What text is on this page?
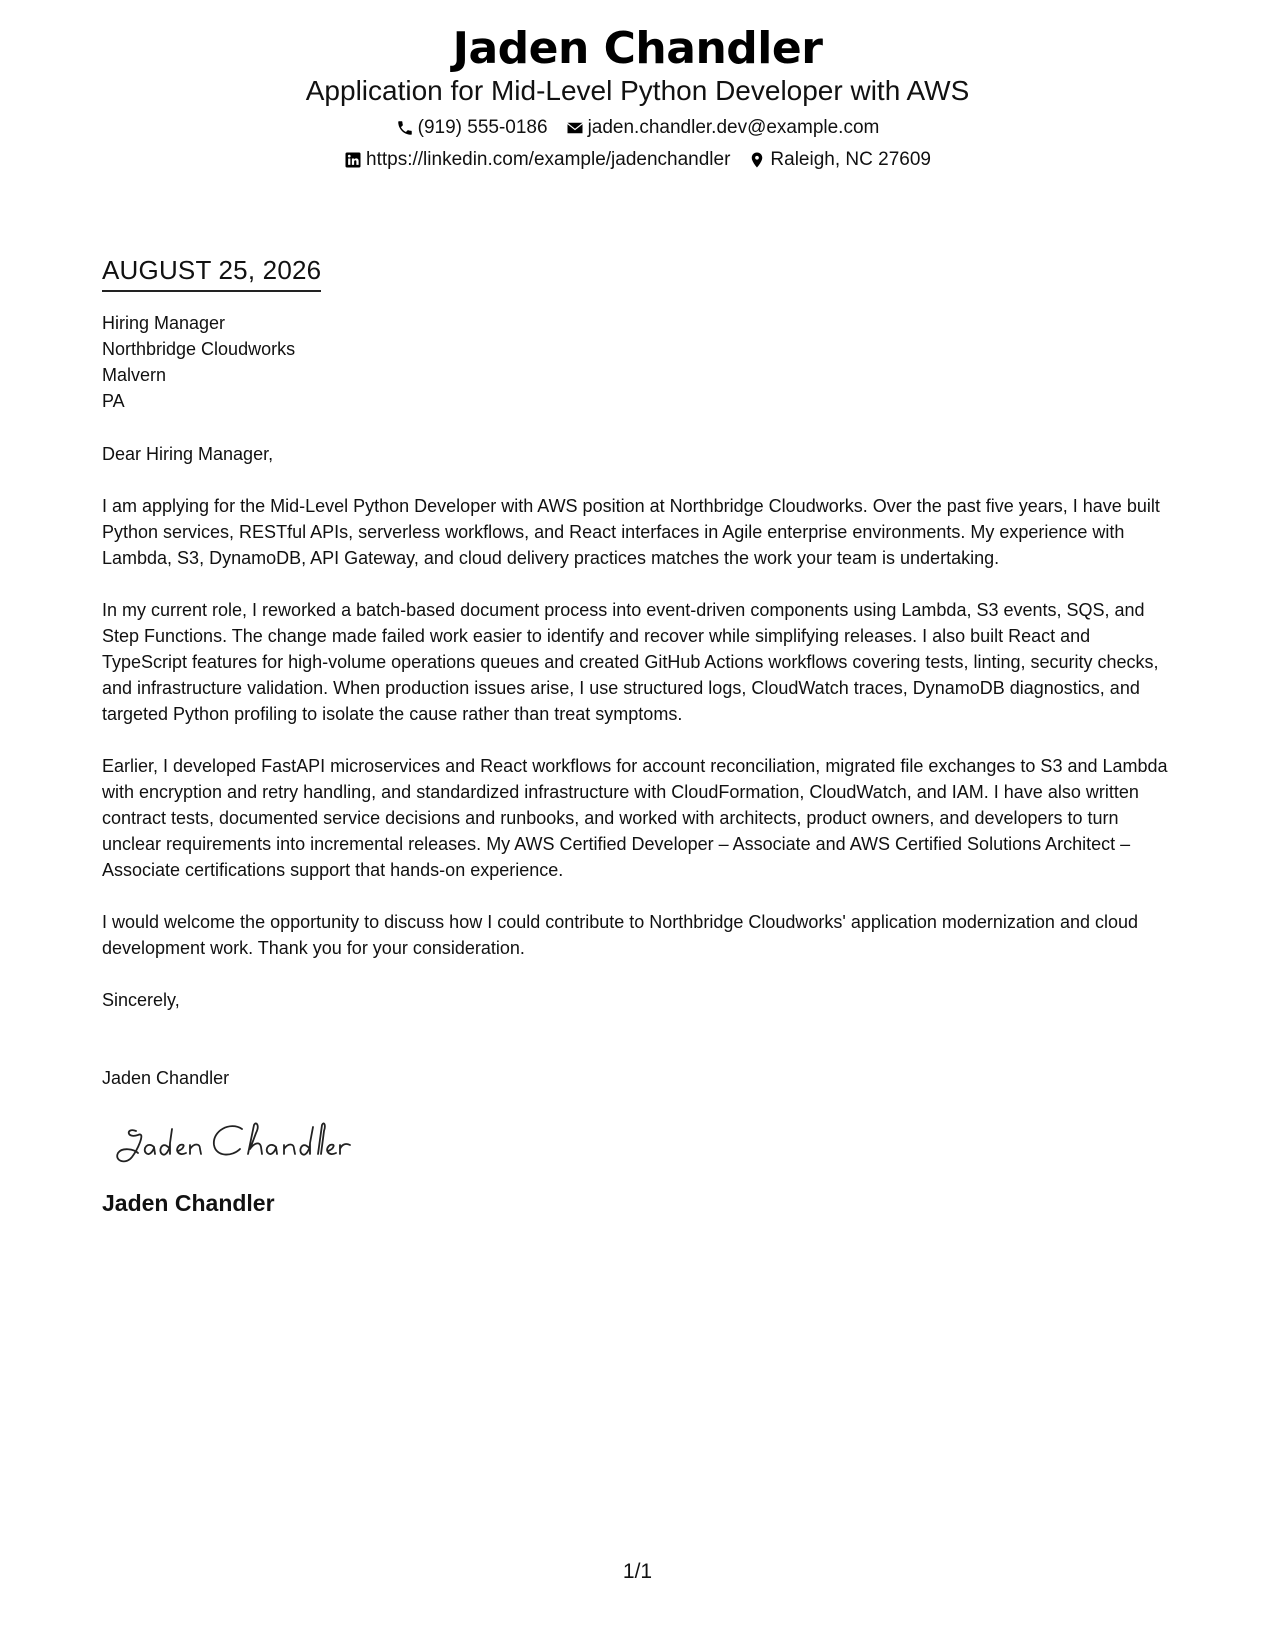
Jaden Chandler
Application for Mid-Level Python Developer with AWS
(919) 555-0186 jaden.chandler.dev@example.com
https://linkedin.com/example/jadenchandler Raleigh, NC 27609
AUGUST 25, 2026
Hiring Manager
Northbridge Cloudworks
Malvern
PA
Dear Hiring Manager,
I am applying for the Mid-Level Python Developer with AWS position at Northbridge Cloudworks. Over the past five years, I have built Python services, RESTful APIs, serverless workflows, and React interfaces in Agile enterprise environments. My experience with Lambda, S3, DynamoDB, API Gateway, and cloud delivery practices matches the work your team is undertaking.
In my current role, I reworked a batch-based document process into event-driven components using Lambda, S3 events, SQS, and Step Functions. The change made failed work easier to identify and recover while simplifying releases. I also built React and TypeScript features for high-volume operations queues and created GitHub Actions workflows covering tests, linting, security checks, and infrastructure validation. When production issues arise, I use structured logs, CloudWatch traces, DynamoDB diagnostics, and targeted Python profiling to isolate the cause rather than treat symptoms.
Earlier, I developed FastAPI microservices and React workflows for account reconciliation, migrated file exchanges to S3 and Lambda with encryption and retry handling, and standardized infrastructure with CloudFormation, CloudWatch, and IAM. I have also written contract tests, documented service decisions and runbooks, and worked with architects, product owners, and developers to turn unclear requirements into incremental releases. My AWS Certified Developer – Associate and AWS Certified Solutions Architect – Associate certifications support that hands-on experience.
I would welcome the opportunity to discuss how I could contribute to Northbridge Cloudworks' application modernization and cloud development work. Thank you for your consideration.
Sincerely,
Jaden Chandler
Jaden Chandler
1/1
